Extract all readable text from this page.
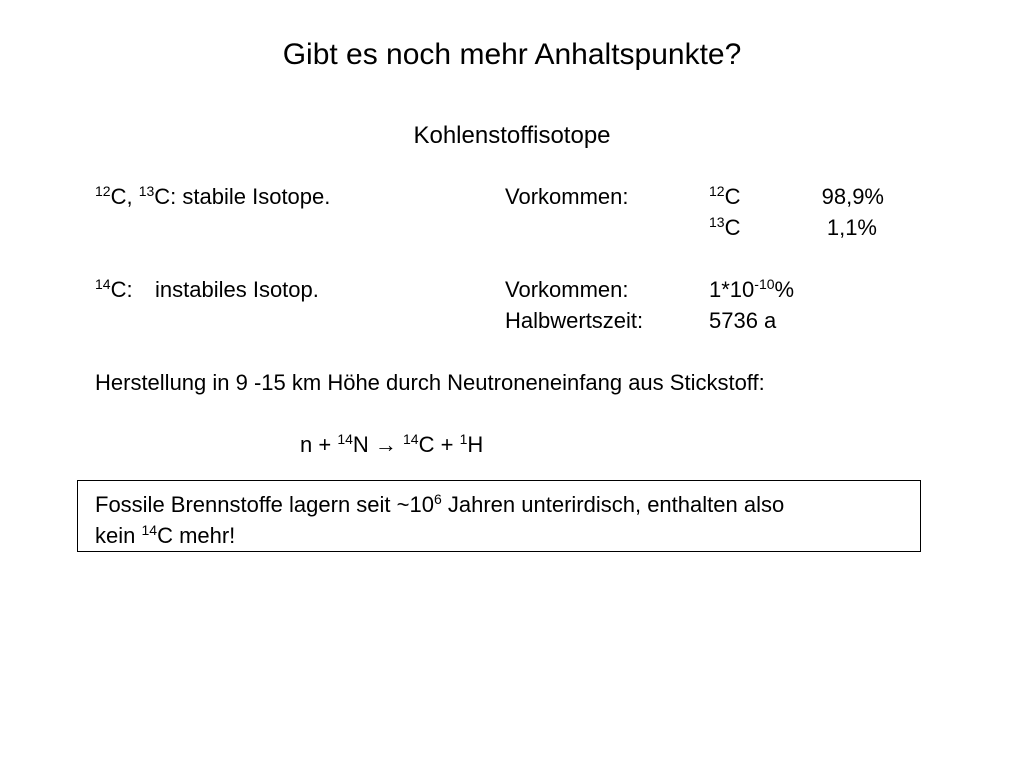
Gibt es noch mehr Anhaltspunkte?
Kohlenstoffisotope
$^{12}$C, $^{13}$C: stabile Isotope.	Vorkommen:	$^{12}$C	98,9%
$^{13}$C	1,1%
$^{14}$C: instabiles Isotop.	Vorkommen:	$1*10^{-10}\%$
Halbwertszeit:	5736 a
Herstellung in 9 -15 km Höhe durch Neutroneneinfang aus Stickstoff:
n + $^{14}$N → $^{14}$C + $^1$H
Fossile Brennstoffe lagern seit $\sim 10^6$ Jahren unterirdisch, enthalten also
kein $^{14}$C mehr!
